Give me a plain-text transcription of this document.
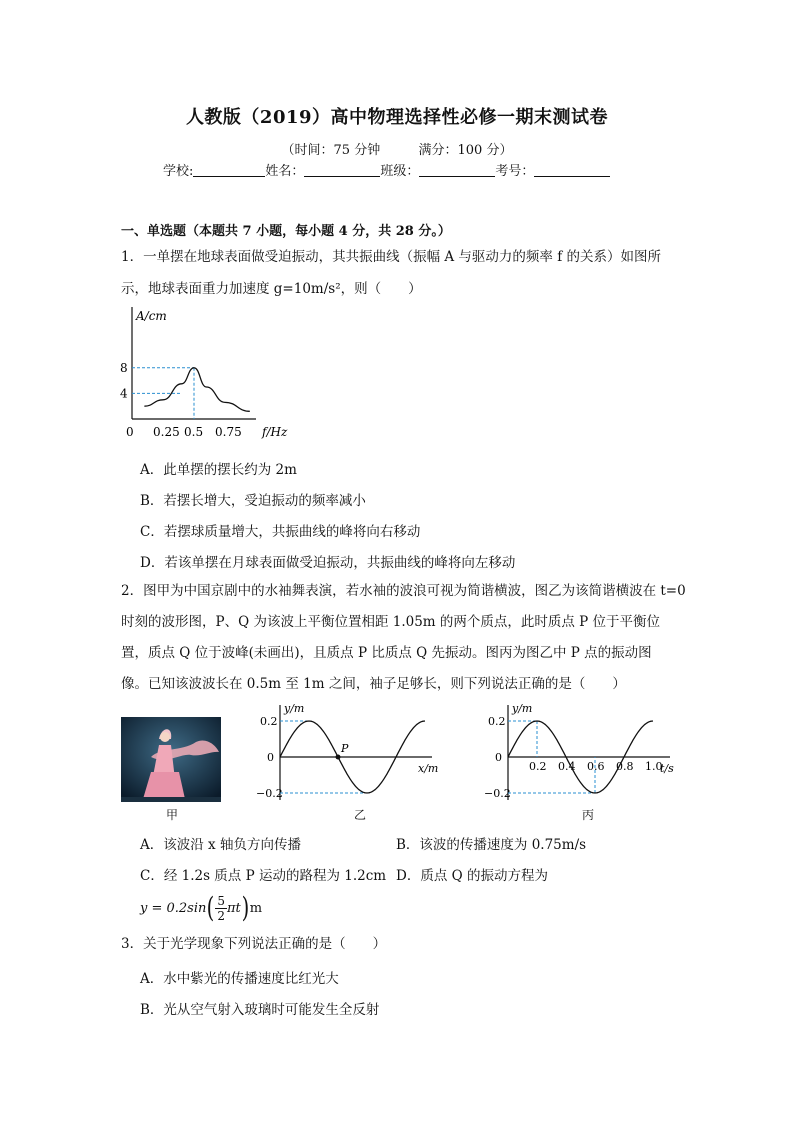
人教版（2019）高中物理选择性必修一期末测试卷
（时间：75 分钟	满分：100 分）
学校:	姓名：	班级：	考号：
一、单选题（本题共 7 小题，每小题 4 分，共 28 分。）
1．一单摆在地球表面做受迫振动，其共振曲线（振幅 A 与驱动力的频率 f 的关系）如图所
示，地球表面重力加速度 g=10m/s²，则（　　）
A/cm
f/Hz
8
4
0 0.25 0.5 0.75
A．此单摆的摆长约为 2m
B．若摆长增大，受迫振动的频率减小
C．若摆球质量增大，共振曲线的峰将向右移动
D．若该单摆在月球表面做受迫振动，共振曲线的峰将向左移动
2．图甲为中国京剧中的水袖舞表演，若水袖的波浪可视为简谐横波，图乙为该简谐横波在 t=0
时刻的波形图，P、Q 为该波上平衡位置相距 1.05m 的两个质点，此时质点 P 位于平衡位
置，质点 Q 位于波峰(未画出)，且质点 P 比质点 Q 先振动。图丙为图乙中 P 点的振动图
像。已知该波波长在 0.5m 至 1m 之间，袖子足够长，则下列说法正确的是（　　）
y/m
x/m
0.2
0
−0.2
P
y/m
t/s
0.2
0
−0.2
0.2 0.4 0.6 0.8 1.0
甲	乙	丙
A．该波沿 x 轴负方向传播	B．该波的传播速度为 0.75m/s
C．经 1.2s 质点 P 运动的路程为 1.2cm D．质点 Q 的振动方程为
y = 0.2sin ( $\frac{5}{2}$ πt ) m
3．关于光学现象下列说法正确的是（　　）
A．水中紫光的传播速度比红光大
B．光从空气射入玻璃时可能发生全反射
